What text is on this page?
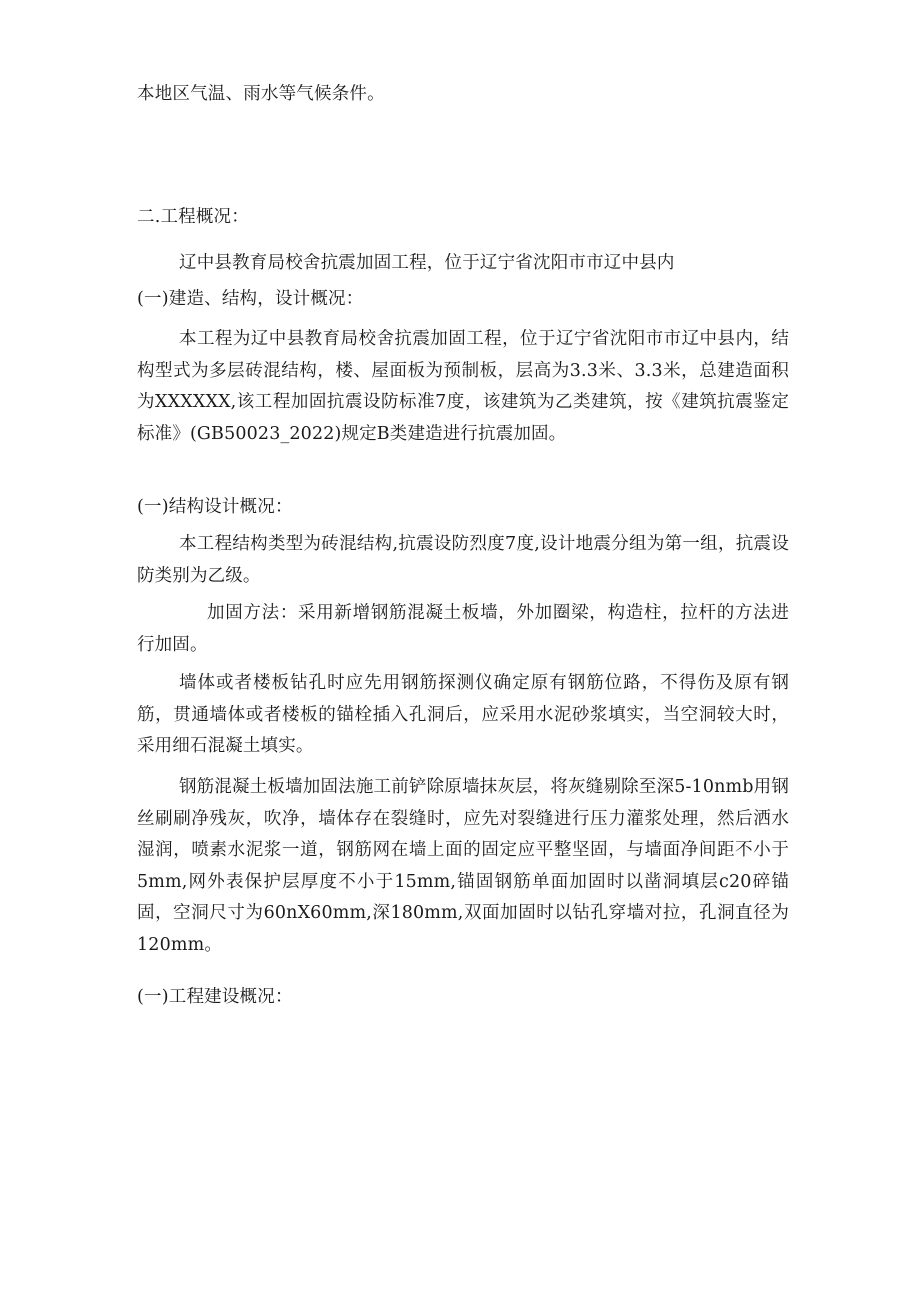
本地区气温、雨水等气候条件。
二.工程概况：
辽中县教育局校舍抗震加固工程，位于辽宁省沈阳市市辽中县内
(一)建造、结构，设计概况：
本工程为辽中县教育局校舍抗震加固工程，位于辽宁省沈阳市市辽中县内，结构型式为多层砖混结构，楼、屋面板为预制板，层高为3.3米、3.3米，总建造面积为XXXXXX,该工程加固抗震设防标准7度，该建筑为乙类建筑，按《建筑抗震鉴定标准》(GB50023_2022)规定B类建造进行抗震加固。
(一)结构设计概况：
本工程结构类型为砖混结构,抗震设防烈度7度,设计地震分组为第一组，抗震设防类别为乙级。
加固方法：采用新增钢筋混凝土板墙，外加圈梁，构造柱，拉杆的方法进行加固。
墙体或者楼板钻孔时应先用钢筋探测仪确定原有钢筋位路，不得伤及原有钢筋，贯通墙体或者楼板的锚栓插入孔洞后，应采用水泥砂浆填实，当空洞较大时，采用细石混凝土填实。
钢筋混凝土板墙加固法施工前铲除原墙抹灰层，将灰缝剔除至深5-10nmb用钢丝刷刷净残灰，吹净，墙体存在裂缝时，应先对裂缝进行压力灌浆处理，然后洒水湿润，喷素水泥浆一道，钢筋网在墙上面的固定应平整坚固，与墙面净间距不小于5mm,网外表保护层厚度不小于15mm,锚固钢筋单面加固时以凿洞填层c20碎锚固，空洞尺寸为60nX60mm,深180mm,双面加固时以钻孔穿墙对拉，孔洞直径为120mm。
(一)工程建设概况：
